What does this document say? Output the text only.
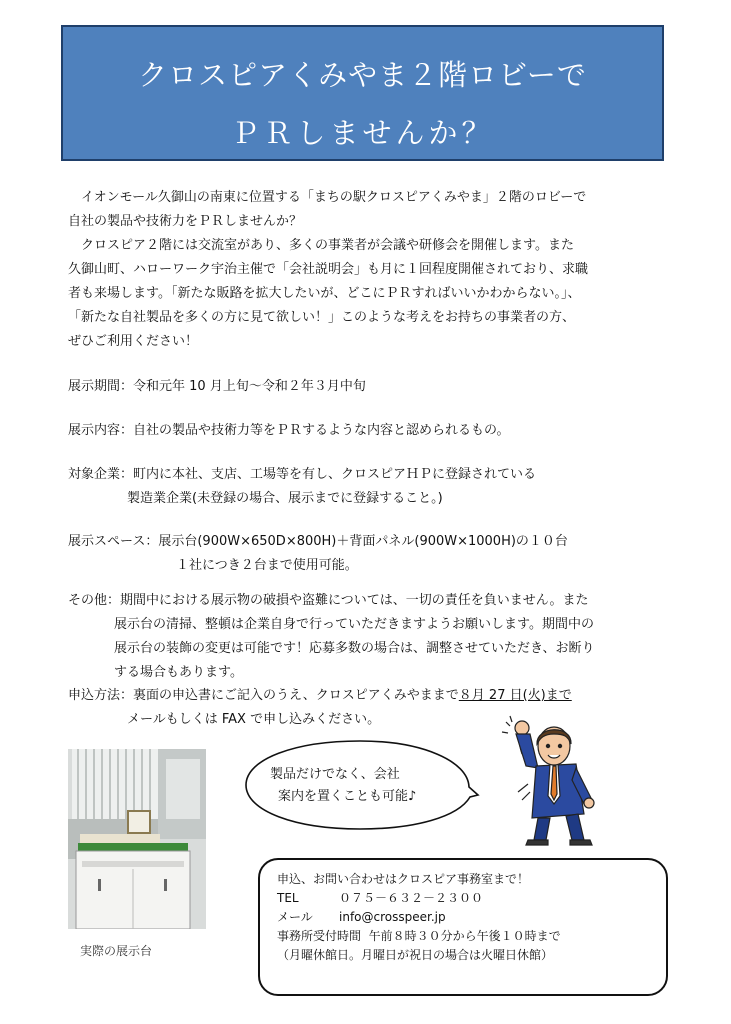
クロスピアくみやま２階ロビーで
ＰＲしませんか？
イオンモール久御山の南東に位置する「まちの駅クロスピアくみやま」２階のロビーで
自社の製品や技術力をＰＲしませんか？
クロスピア２階には交流室があり、多くの事業者が会議や研修会を開催します。また
久御山町、ハローワーク宇治主催で「会社説明会」も月に１回程度開催されており、求職
者も来場します。「新たな販路を拡大したいが、どこにＰＲすればいいかわからない。」、
「新たな自社製品を多くの方に見て欲しい！」このような考えをお持ちの事業者の方、
ぜひご利用ください！
展示期間：令和元年 10 月上旬～令和２年３月中旬
展示内容：自社の製品や技術力等をＰＲするような内容と認められるもの。
対象企業：町内に本社、支店、工場等を有し、クロスピアＨＰに登録されている
製造業企業(未登録の場合、展示までに登録すること。)
展示スペース：展示台(900W×650D×800H)＋背面パネル(900W×1000H)の１０台
１社につき２台まで使用可能。
その他：期間中における展示物の破損や盗難については、一切の責任を負いません。また
展示台の清掃、整頓は企業自身で行っていただきますようお願いします。期間中の
展示台の装飾の変更は可能です！応募多数の場合は、調整させていただき、お断り
する場合もあります。
申込方法：裏面の申込書にご記入のうえ、クロスピアくみやままで８月 27 日(火)まで
メールもしくは FAX で申し込みください。
実際の展示台
製品だけでなく、会社
案内を置くことも可能♪
申込、お問い合わせはクロスピア事務室まで！
TEL	０７５－６３２－２３００
メール info@crosspeer.jp
事務所受付時間 午前８時３０分から午後１０時まで
（月曜休館日。月曜日が祝日の場合は火曜日休館）
